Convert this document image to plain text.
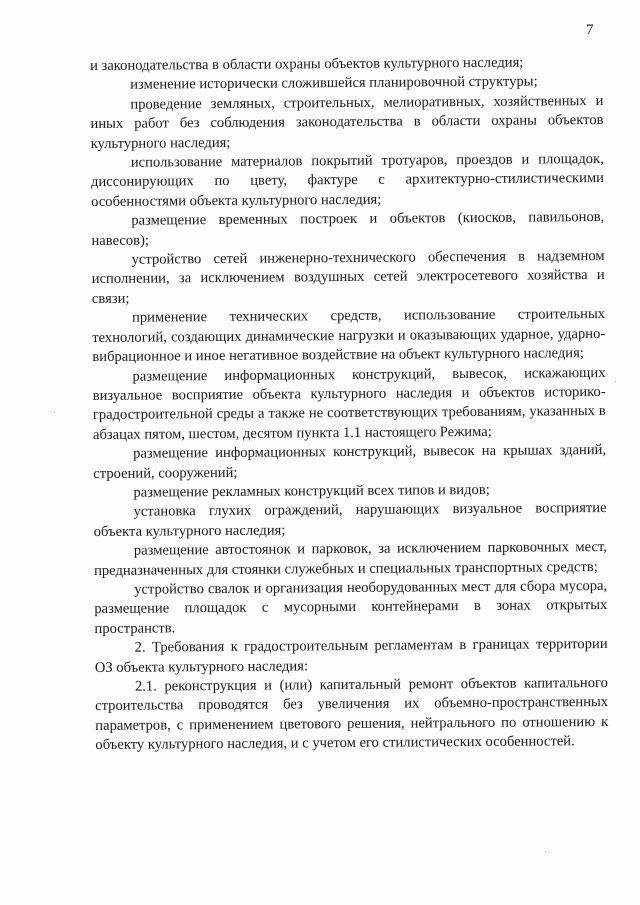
7

и законодательства в области охраны объектов культурного наследия;

изменение исторически сложившейся планировочной структуры;

проведение земляных, строительных, мелиоративных, хозяйственных и иных работ без соблюдения законодательства в области охраны объектов культурного наследия;

использование материалов покрытий тротуаров, проездов и площадок, диссонирующих по цвету, фактуре с архитектурно-стилистическими особенностями объекта культурного наследия;

размещение временных построек и объектов (киосков, павильонов, навесов);

устройство сетей инженерно-технического обеспечения в надземном исполнении, за исключением воздушных сетей электросетевого хозяйства и связи;

применение технических средств, использование строительных технологий, создающих динамические нагрузки и оказывающих ударное, ударно-вибрационное и иное негативное воздействие на объект культурного наследия;

размещение информационных конструкций, вывесок, искажающих визуальное восприятие объекта культурного наследия и объектов историко-градостроительной среды а также не соответствующих требованиям, указанных в абзацах пятом, шестом, десятом пункта 1.1 настоящего Режима;

размещение информационных конструкций, вывесок на крышах зданий, строений, сооружений;

размещение рекламных конструкций всех типов и видов;

установка глухих ограждений, нарушающих визуальное восприятие объекта культурного наследия;

размещение автостоянок и парковок, за исключением парковочных мест, предназначенных для стоянки служебных и специальных транспортных средств;

устройство свалок и организация необорудованных мест для сбора мусора, размещение площадок с мусорными контейнерами в зонах открытых пространств.

2. Требования к градостроительным регламентам в границах территории ОЗ объекта культурного наследия:

2.1. реконструкция и (или) капитальный ремонт объектов капитального строительства проводятся без увеличения их объемно-пространственных параметров, с применением цветового решения, нейтрального по отношению к объекту культурного наследия, и с учетом его стилистических особенностей.
